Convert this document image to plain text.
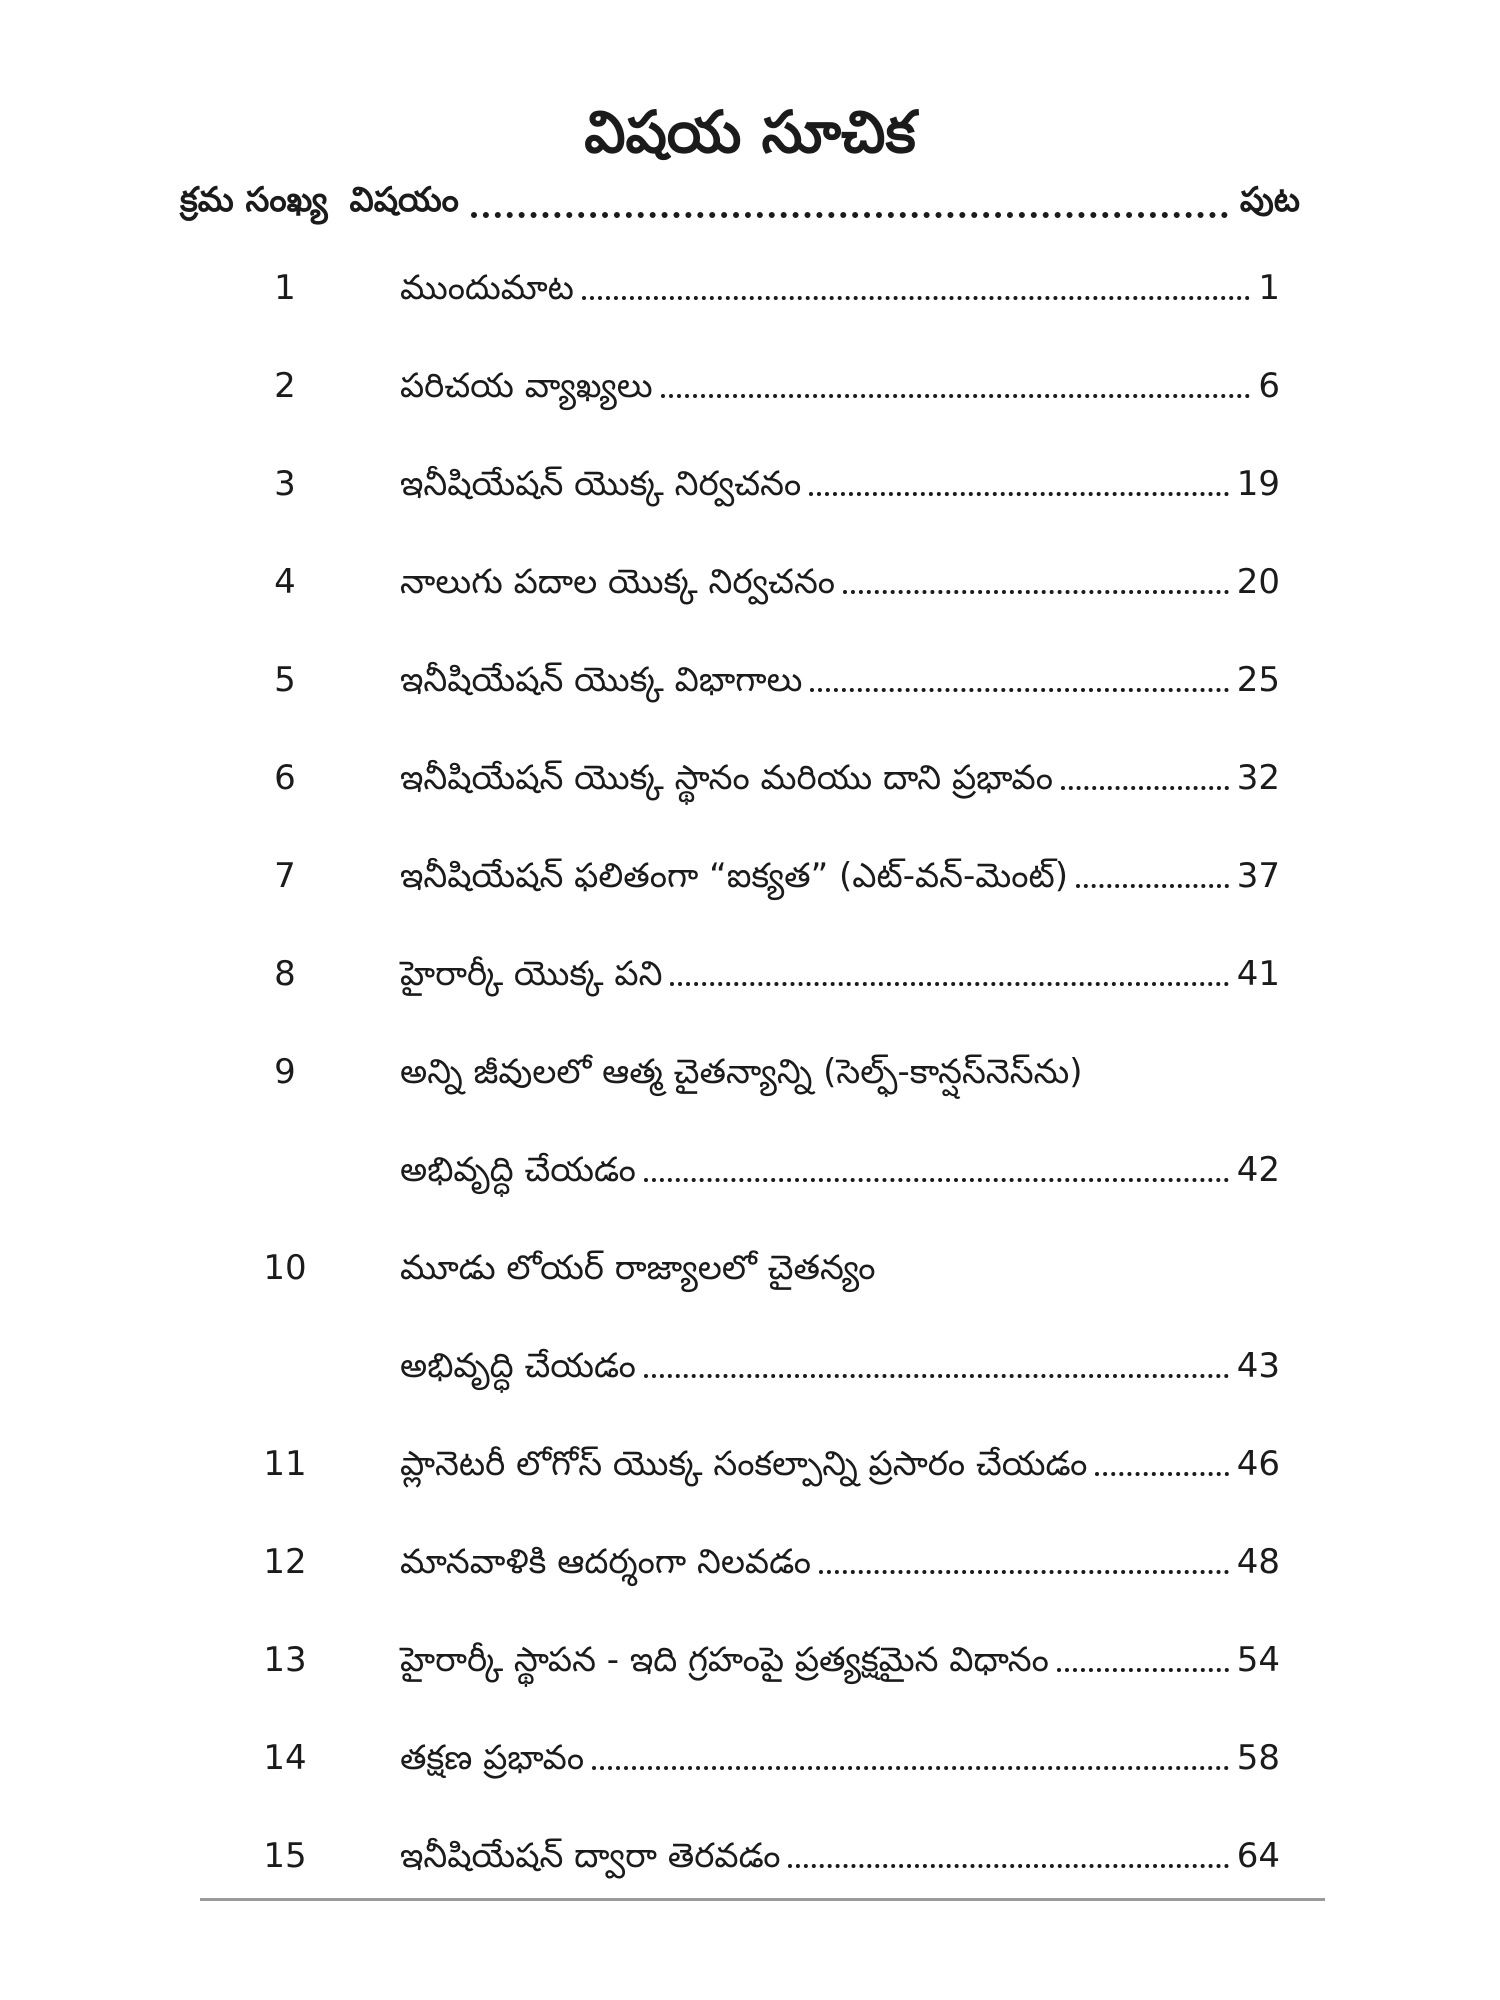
విషయ సూచిక
క్రమ సంఖ్య విషయం	పుట
1	ముందుమాట	1
2	పరిచయ వ్యాఖ్యలు	6
3	ఇనీషియేషన్ యొక్క నిర్వచనం	19
4	నాలుగు పదాల యొక్క నిర్వచనం	20
5	ఇనీషియేషన్ యొక్క విభాగాలు	25
6	ఇనీషియేషన్ యొక్క స్థానం మరియు దాని ప్రభావం	32
7	ఇనీషియేషన్ ఫలితంగా “ఐక్యత” (ఎట్-వన్-మెంట్)	37
8	హైరార్కీ యొక్క పని	41
9	అన్ని జీవులలో ఆత్మ చైతన్యాన్ని (సెల్ఫ్-కాన్షస్‌నెస్‌ను)
అభివృద్ధి చేయడం	42
10	మూడు లోయర్ రాజ్యాలలో చైతన్యం
అభివృద్ధి చేయడం	43
11	ప్లానెటరీ లోగోస్ యొక్క సంకల్పాన్ని ప్రసారం చేయడం	46
12	మానవాళికి ఆదర్శంగా నిలవడం	48
13	హైరార్కీ స్థాపన - ఇది గ్రహంపై ప్రత్యక్షమైన విధానం	54
14	తక్షణ ప్రభావం	58
15	ఇనీషియేషన్ ద్వారా తెరవడం	64
